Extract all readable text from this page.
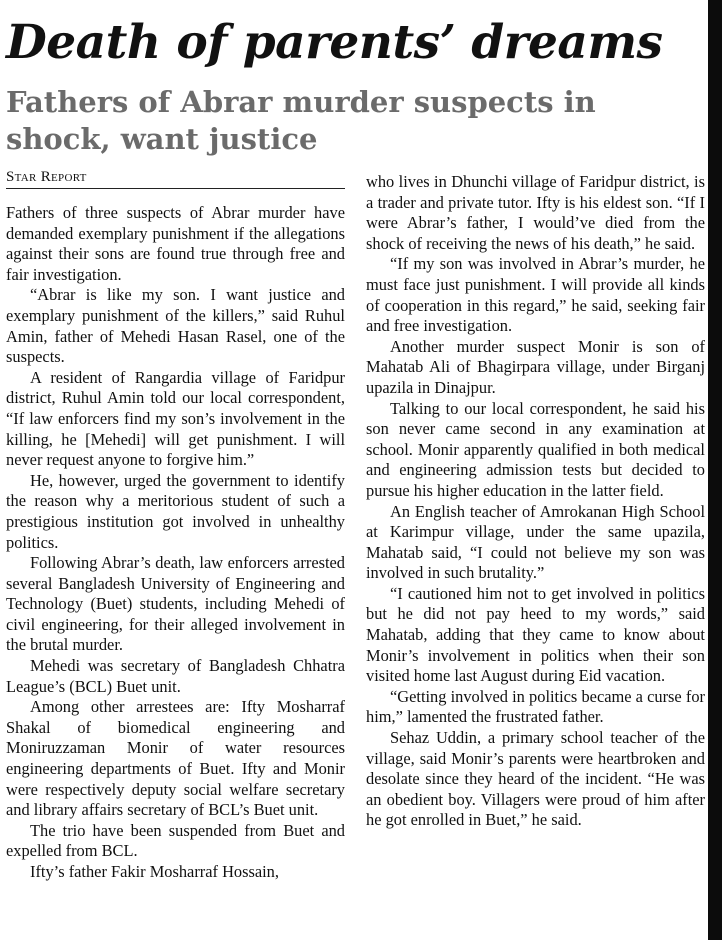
Death of parents’ dreams
Fathers of Abrar murder suspects in shock, want justice
Star Report

Fathers of three suspects of Abrar murder have demanded exemplary punishment if the allegations against their sons are found true through free and fair investigation.

“Abrar is like my son. I want justice and exemplary punishment of the killers,” said Ruhul Amin, father of Mehedi Hasan Rasel, one of the suspects.

A resident of Rangardia village of Faridpur district, Ruhul Amin told our local correspondent, “If law enforcers find my son’s involvement in the killing, he [Mehedi] will get punishment. I will never request anyone to forgive him.”

He, however, urged the government to identify the reason why a meritorious student of such a prestigious institution got involved in unhealthy politics.

Following Abrar’s death, law enforcers arrested several Bangladesh University of Engineering and Technology (Buet) students, including Mehedi of civil engineering, for their alleged involvement in the brutal murder.

Mehedi was secretary of Bangladesh Chhatra League’s (BCL) Buet unit.

Among other arrestees are: Ifty Mosharraf Shakal of biomedical engineering and Moniruzzaman Monir of water resources engineering departments of Buet. Ifty and Monir were respectively deputy social welfare secretary and library affairs secretary of BCL’s Buet unit.

The trio have been suspended from Buet and expelled from BCL.

Ifty’s father Fakir Mosharraf Hossain,

who lives in Dhunchi village of Faridpur district, is a trader and private tutor. Ifty is his eldest son. “If I were Abrar’s father, I would’ve died from the shock of receiving the news of his death,” he said.

“If my son was involved in Abrar’s murder, he must face just punishment. I will provide all kinds of cooperation in this regard,” he said, seeking fair and free investigation.

Another murder suspect Monir is son of Mahatab Ali of Bhagirpara village, under Birganj upazila in Dinajpur.

Talking to our local correspondent, he said his son never came second in any examination at school. Monir apparently qualified in both medical and engineering admission tests but decided to pursue his higher education in the latter field.

An English teacher of Amrokanan High School at Karimpur village, under the same upazila, Mahatab said, “I could not believe my son was involved in such brutality.”

“I cautioned him not to get involved in politics but he did not pay heed to my words,” said Mahatab, adding that they came to know about Monir’s involvement in politics when their son visited home last August during Eid vacation.

“Getting involved in politics became a curse for him,” lamented the frustrated father.

Sehaz Uddin, a primary school teacher of the village, said Monir’s parents were heartbroken and desolate since they heard of the incident. “He was an obedient boy. Villagers were proud of him after he got enrolled in Buet,” he said.
